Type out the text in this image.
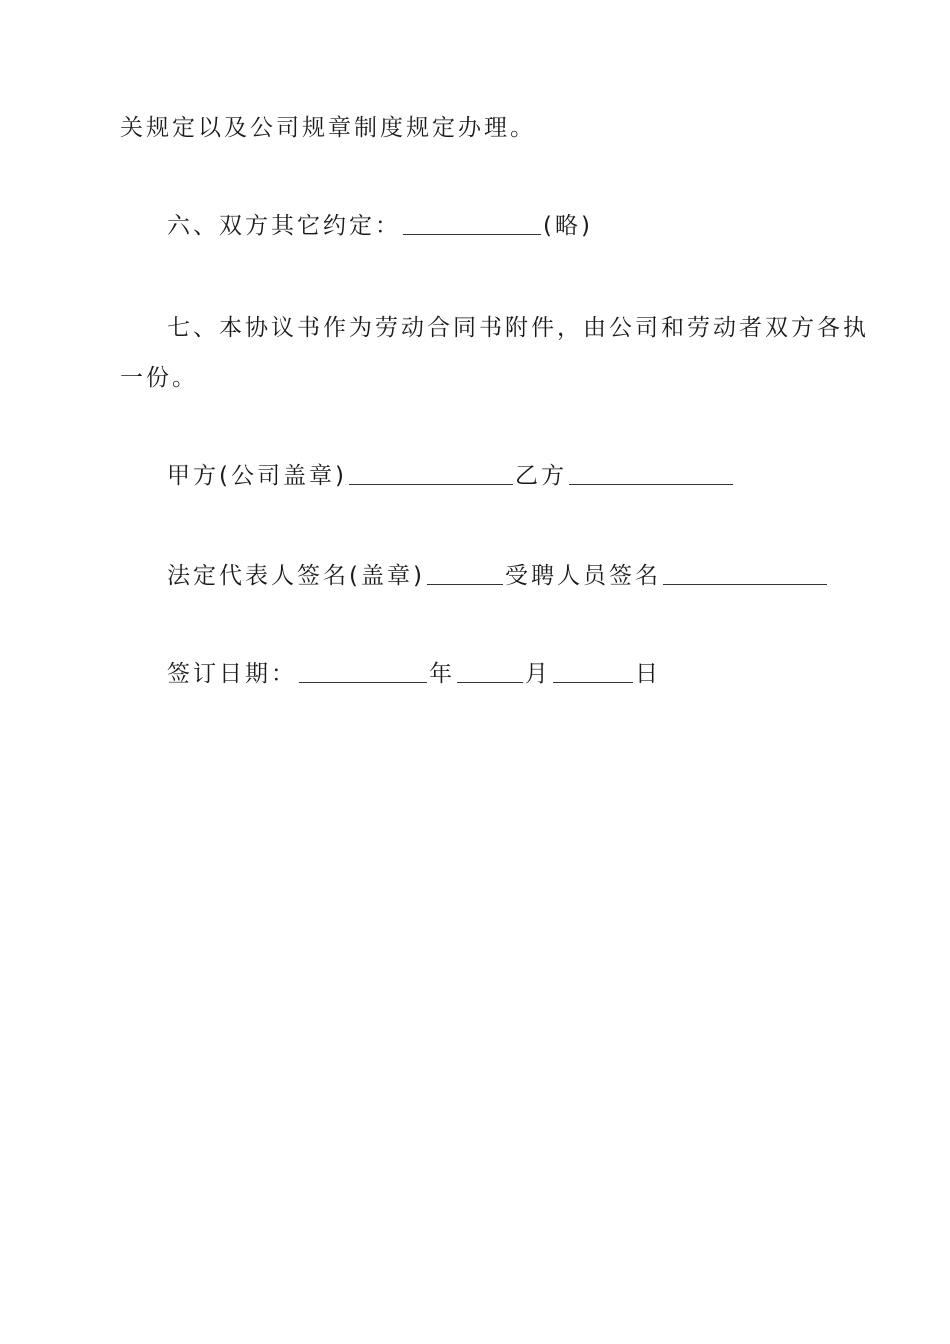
关规定以及公司规章制度规定办理。
六、双方其它约定：	(略)
七、本协议书作为劳动合同书附件，由公司和劳动者双方各执
一份。
甲方(公司盖章)	乙方
法定代表人签名(盖章)	受聘人员签名
签订日期：	年	月	日
